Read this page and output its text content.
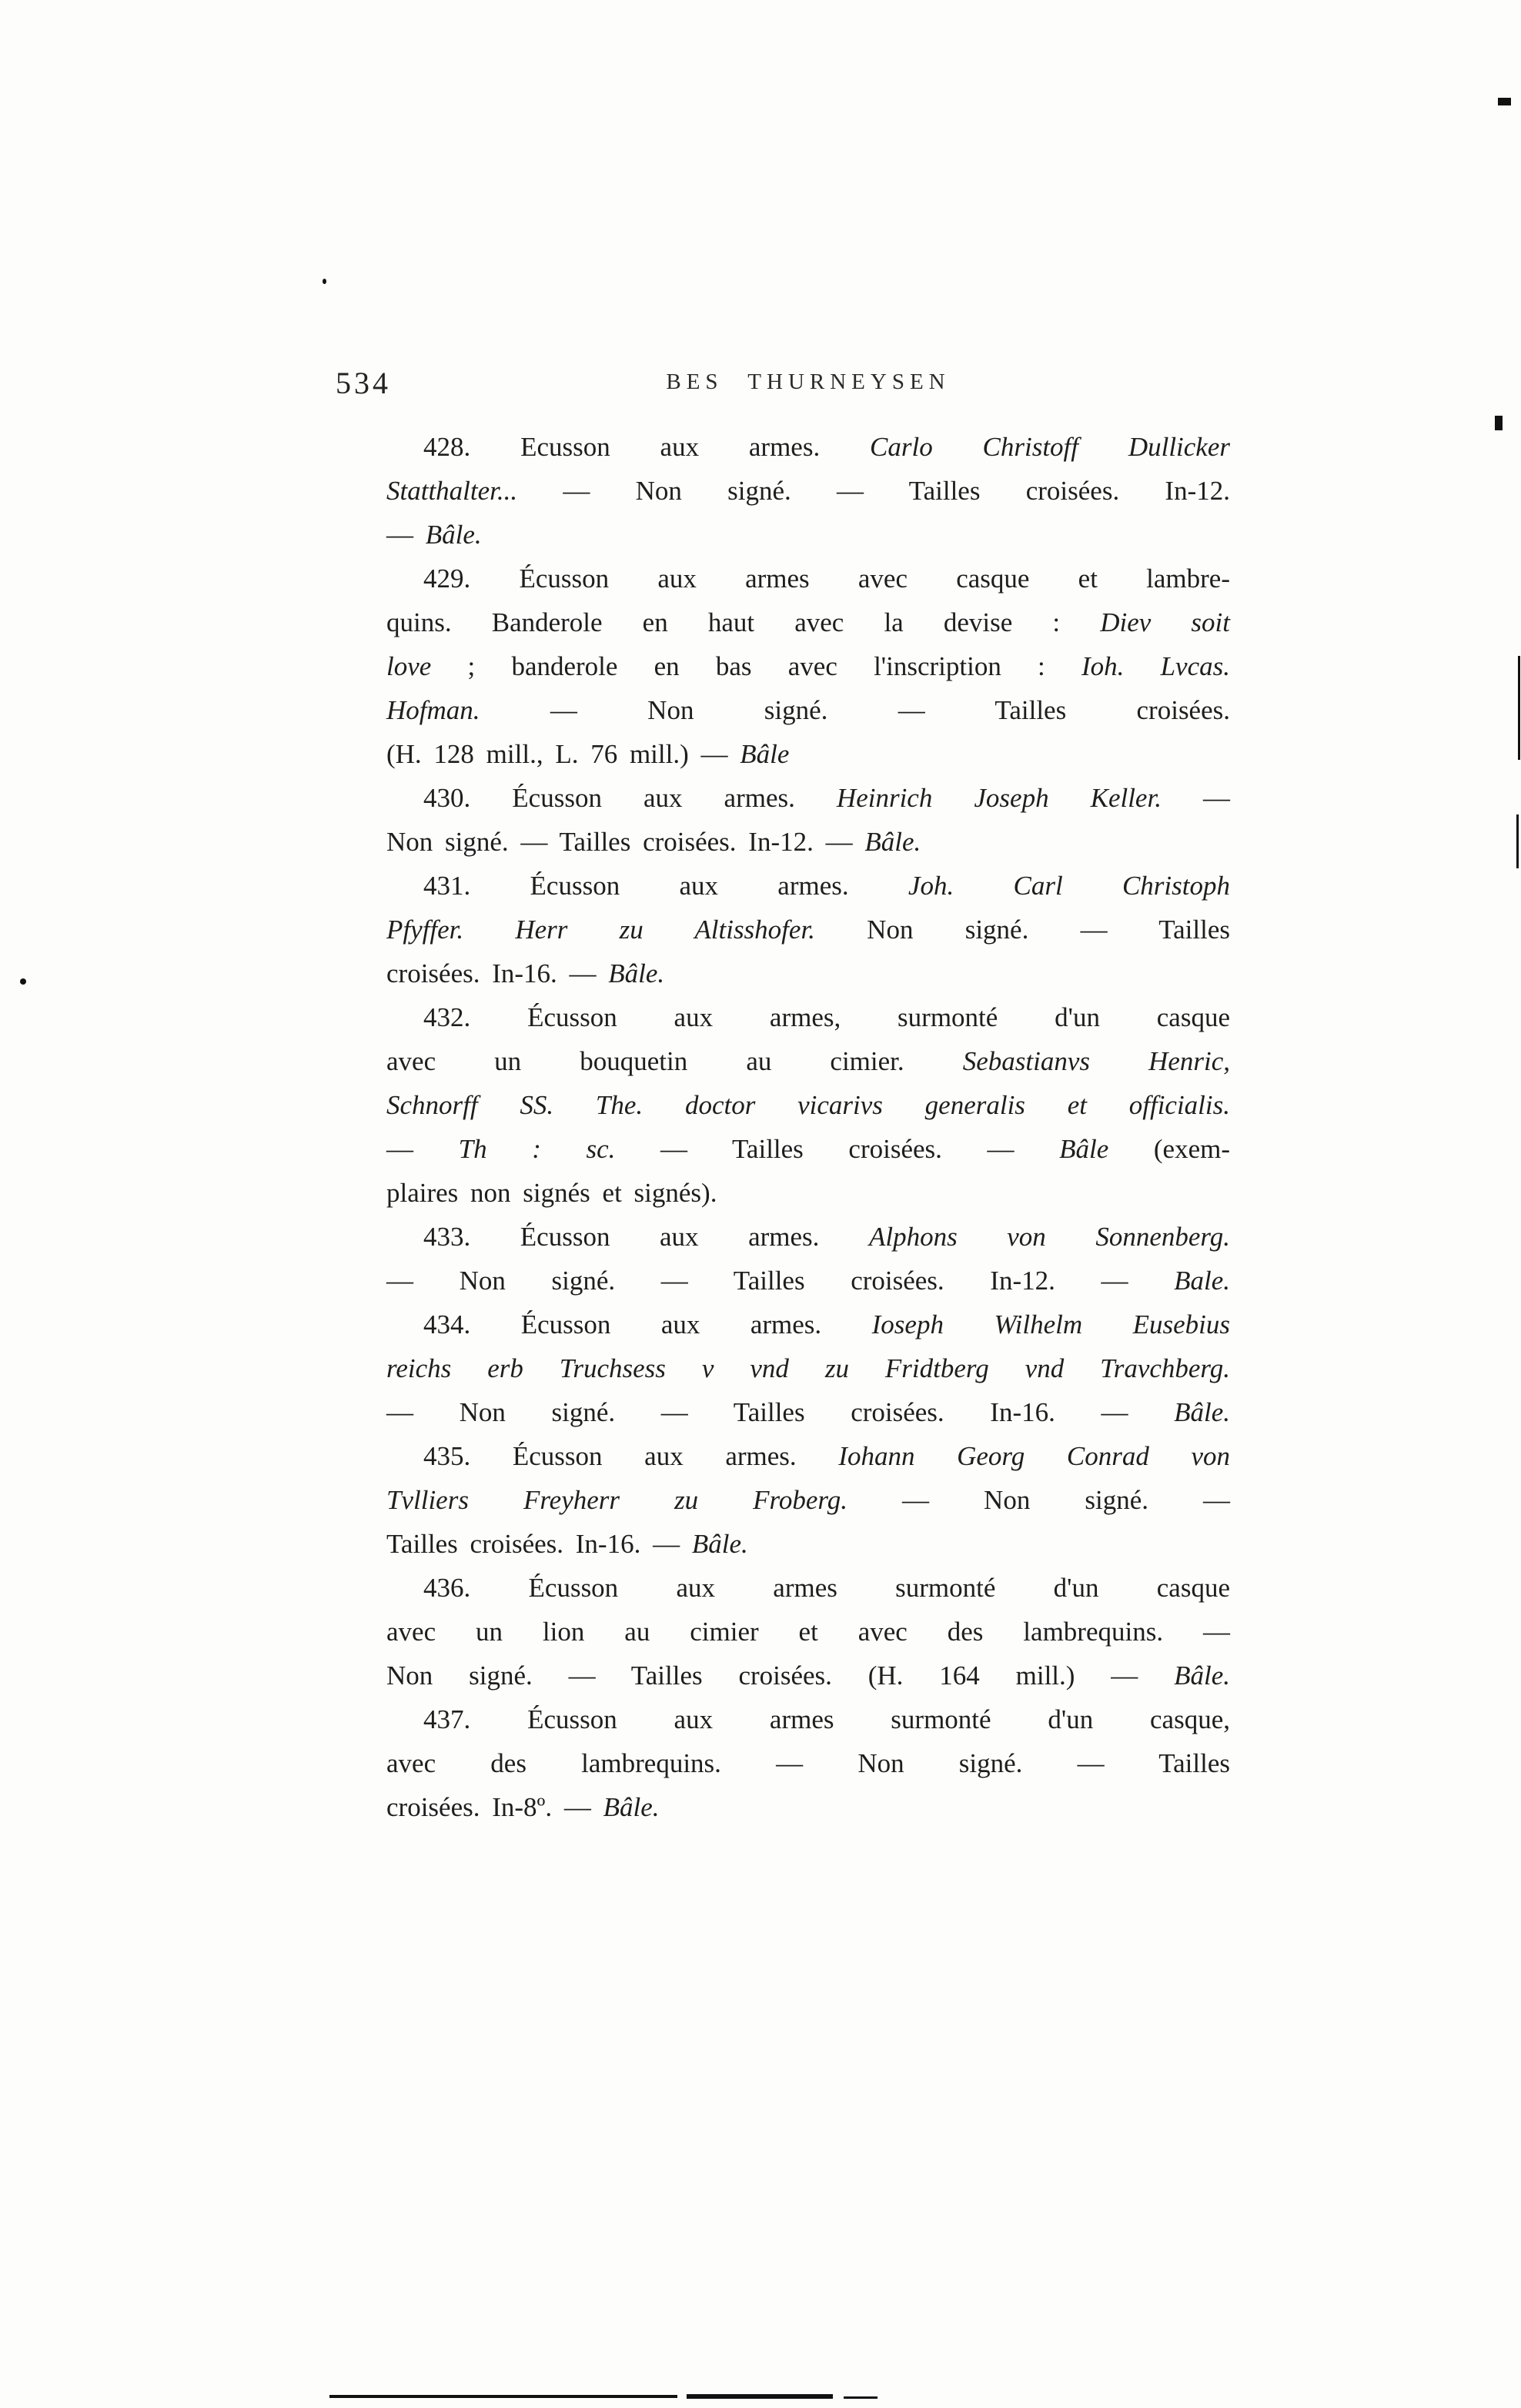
534	BES THURNEYSEN
428. Ecusson aux armes. Carlo Christoff Dullicker
Statthalter... — Non signé. — Tailles croisées. In-12.
— Bâle.
429. Écusson aux armes avec casque et lambre-
quins. Banderole en haut avec la devise : Diev soit
love ; banderole en bas avec l'inscription : Ioh. Lvcas.
Hofman. — Non signé. — Tailles croisées.
(H. 128 mill., L. 76 mill.) — Bâle
430. Écusson aux armes. Heinrich Joseph Keller. —
Non signé. — Tailles croisées. In-12. — Bâle.
431. Écusson aux armes. Joh. Carl Christoph
Pfyffer. Herr zu Altisshofer. Non signé. — Tailles
croisées. In-16. — Bâle.
432. Écusson aux armes, surmonté d'un casque
avec un bouquetin au cimier. Sebastianvs Henric,
Schnorff SS. The. doctor vicarivs generalis et officialis.
— Th : sc. — Tailles croisées. — Bâle (exem-
plaires non signés et signés).
433. Écusson aux armes. Alphons von Sonnenberg.
— Non signé. — Tailles croisées. In-12. — Bale.
434. Écusson aux armes. Ioseph Wilhelm Eusebius
reichs erb Truchsess v vnd zu Fridtberg vnd Travchberg.
— Non signé. — Tailles croisées. In-16. — Bâle.
435. Écusson aux armes. Iohann Georg Conrad von
Tvlliers Freyherr zu Froberg. — Non signé. —
Tailles croisées. In-16. — Bâle.
436. Écusson aux armes surmonté d'un casque
avec un lion au cimier et avec des lambrequins. —
Non signé. — Tailles croisées. (H. 164 mill.) — Bâle.
437. Écusson aux armes surmonté d'un casque,
avec des lambrequins. — Non signé. — Tailles
croisées. In-8º. — Bâle.
